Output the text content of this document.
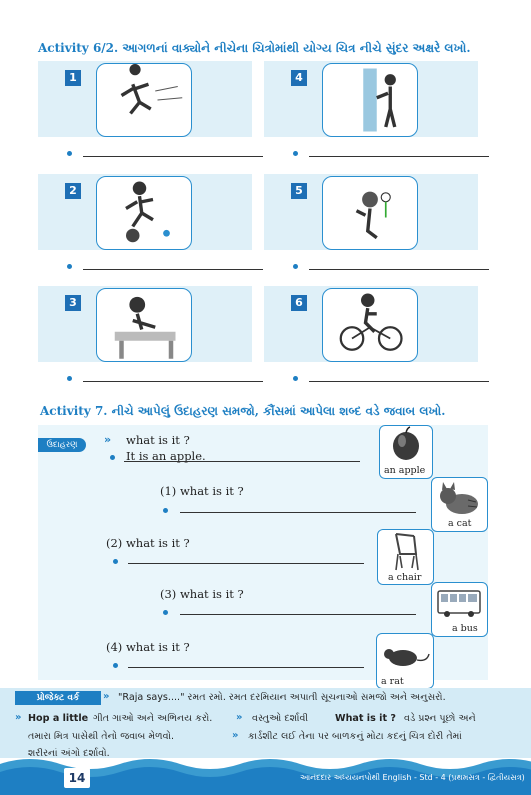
Activity 6/2. આગળનાં વાક્યોને નીચેના ચિત્રોમાંથી યોગ્ય ચિત્ર નીચે સુંદર અક્ષરે લખો.
1	4
2	5
3	6
Activity 7. નીચે આપેલું ઉદાહરણ સમજો, કૌંસમાં આપેલા શબ્દ વડે જવાબ લખો.
ઉદાહરણ	» what is it ?
It is an apple.
an apple
(1) what is it ?
a cat
(2) what is it ?
a chair
(3) what is it ?
a bus
(4) what is it ?
a rat
પ્રોજેક્ટ વર્ક	» "Raja says...." રમત રમો. રમત દરમિયાન અપાતી સૂચનાઓ સમજો અને અનુસરો.
» Hop a little ગીત ગાઓ અને અભિનય કરો. » વસ્તુઓ દર્શાવી	What is it ? વડે પ્રશ્ન પૂછો અને
તમારા મિત્ર પાસેથી તેનો જવાબ મેળવો.	» કાર્ડશીટ લઈ તેના પર બાળકનું મોટા કદનું ચિત્ર દોરી તેમાં
શરીરનાં અંગો દર્શાવો.
14	આનંદદાર અધ્યયનપોથી English - Std - 4 (પ્રથમસત્ર - દ્વિતીયસત્ર)
